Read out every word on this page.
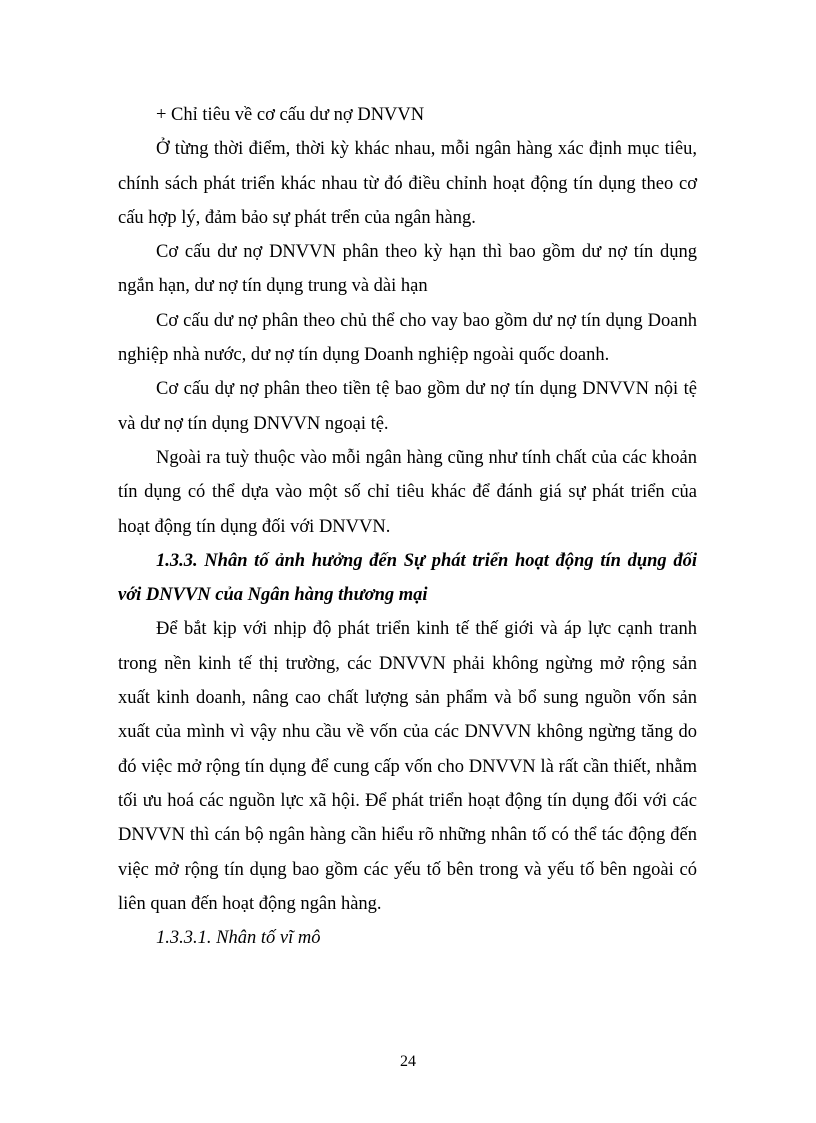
+ Chỉ tiêu về cơ cấu dư nợ DNVVN

Ở từng thời điểm, thời kỳ khác nhau, mỗi ngân hàng xác định mục tiêu, chính sách phát triển khác nhau từ đó điều chỉnh hoạt động tín dụng theo cơ cấu hợp lý, đảm bảo sự phát trển của ngân hàng.

Cơ cấu dư nợ DNVVN phân theo kỳ hạn thì bao gồm dư nợ tín dụng ngắn hạn, dư nợ tín dụng trung và dài hạn

Cơ cấu dư nợ phân theo chủ thể cho vay bao gồm dư nợ tín dụng Doanh nghiệp nhà nước, dư nợ tín dụng Doanh nghiệp ngoài quốc doanh.

Cơ cấu dự nợ phân theo tiền tệ bao gồm dư nợ tín dụng DNVVN nội tệ và dư nợ tín dụng DNVVN ngoại tệ.

Ngoài ra tuỳ thuộc vào mỗi ngân hàng cũng như tính chất của các khoản tín dụng có thể dựa vào một số chỉ tiêu khác để đánh giá sự phát triển của hoạt động tín dụng đối với DNVVN.

1.3.3. Nhân tố ảnh hưởng đến Sự phát triển hoạt động tín dụng đối với DNVVN của Ngân hàng thương mại

Để bắt kịp với nhịp độ phát triển kinh tế thế giới và áp lực cạnh tranh trong nền kinh tế thị trường, các DNVVN phải không ngừng mở rộng sản xuất kinh doanh, nâng cao chất lượng sản phẩm và bổ sung nguồn vốn sản xuất của mình vì vậy nhu cầu về vốn của các DNVVN không ngừng tăng do đó việc mở rộng tín dụng để cung cấp vốn cho DNVVN là rất cần thiết, nhằm tối ưu hoá các nguồn lực xã hội. Để phát triển hoạt động tín dụng đối với các DNVVN thì cán bộ ngân hàng cần hiểu rõ những nhân tố có thể tác động đến việc mở rộng tín dụng bao gồm các yếu tố bên trong và yếu tố bên ngoài có liên quan đến hoạt động ngân hàng.

1.3.3.1. Nhân tố vĩ mô

24
